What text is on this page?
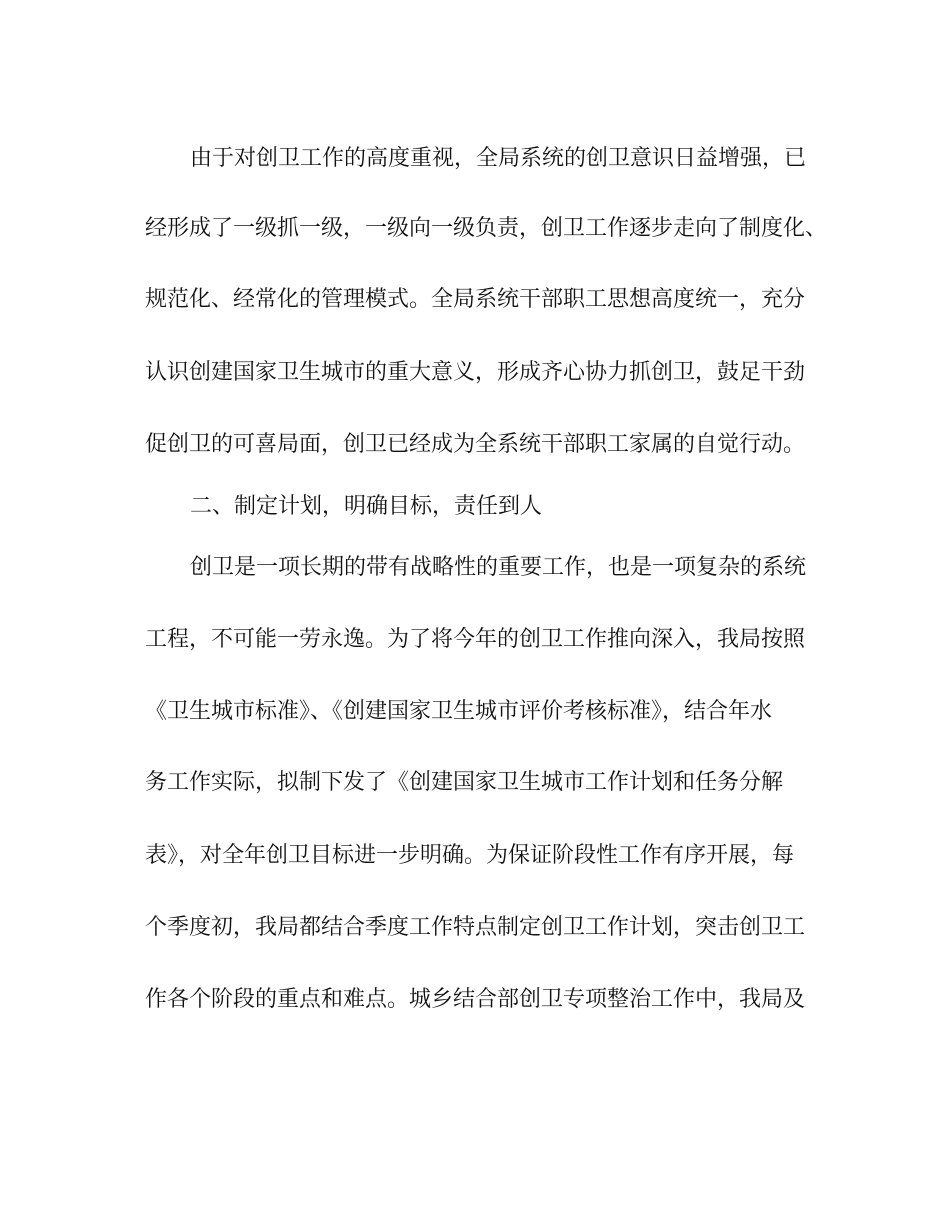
由于对创卫工作的高度重视，全局系统的创卫意识日益增强，已
经形成了一级抓一级，一级向一级负责，创卫工作逐步走向了制度化、
规范化、经常化的管理模式。全局系统干部职工思想高度统一，充分
认识创建国家卫生城市的重大意义，形成齐心协力抓创卫，鼓足干劲
促创卫的可喜局面，创卫已经成为全系统干部职工家属的自觉行动。
二、制定计划，明确目标，责任到人
创卫是一项长期的带有战略性的重要工作，也是一项复杂的系统
工程，不可能一劳永逸。为了将今年的创卫工作推向深入，我局按照
《卫生城市标准》、《创建国家卫生城市评价考核标准》，结合年水
务工作实际，拟制下发了《创建国家卫生城市工作计划和任务分解
表》，对全年创卫目标进一步明确。为保证阶段性工作有序开展，每
个季度初，我局都结合季度工作特点制定创卫工作计划，突击创卫工
作各个阶段的重点和难点。城乡结合部创卫专项整治工作中，我局及
